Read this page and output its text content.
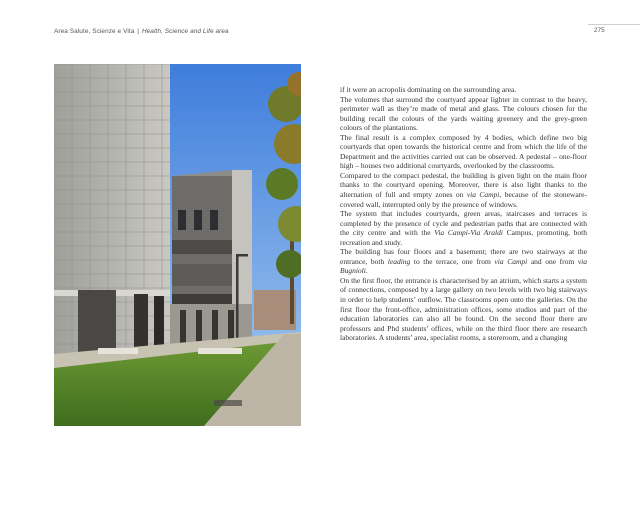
Area Salute, Scienze e Vita | Health, Science and Life area	275

if it were an acropolis dominating on the surrounding area.

The volumes that surround the courtyard appear lighter in contrast to the heavy, perimeter wall as they’re made of metal and glass. The colours chosen for the building recall the colours of the yards waiting greenery and the grey-green colours of the plantations.

The final result is a complex composed by 4 bodies, which define two big courtyards that open towards the historical centre and from which the life of the Department and the activities carried out can be observed. A pedestal – one-floor high – houses two additional courtyards, overlooked by the classrooms.

Compared to the compact pedestal, the building is given light on the main floor thanks to the courtyard opening. Moreover, there is also light thanks to the alternation of full and empty zones on via Campi, because of the stoneware-covered wall, interrupted only by the presence of windows.

The system that includes courtyards, green areas, staircases and terraces is completed by the presence of cycle and pedestrian paths that are connected with the city centre and with the Via Campi-Via Araldi Campus, promoting, both recreation and study.

The building has four floors and a basement; there are two stairways at the entrance, both leading to the terrace, one from via Campi and one from via Bugnioli.

On the first floor, the entrance is characterised by an atrium, which starts a system of connections, composed by a large gallery on two levels with two big stairways in order to help students’ outflow. The classrooms open onto the galleries. On the first floor the front-office, administration offices, some studios and part of the education laboratories can also all be found. On the second floor there are professors and Phd students’ offices, while on the third floor there are research laboratories. A students’ area, specialist rooms, a storeroom, and a changing
